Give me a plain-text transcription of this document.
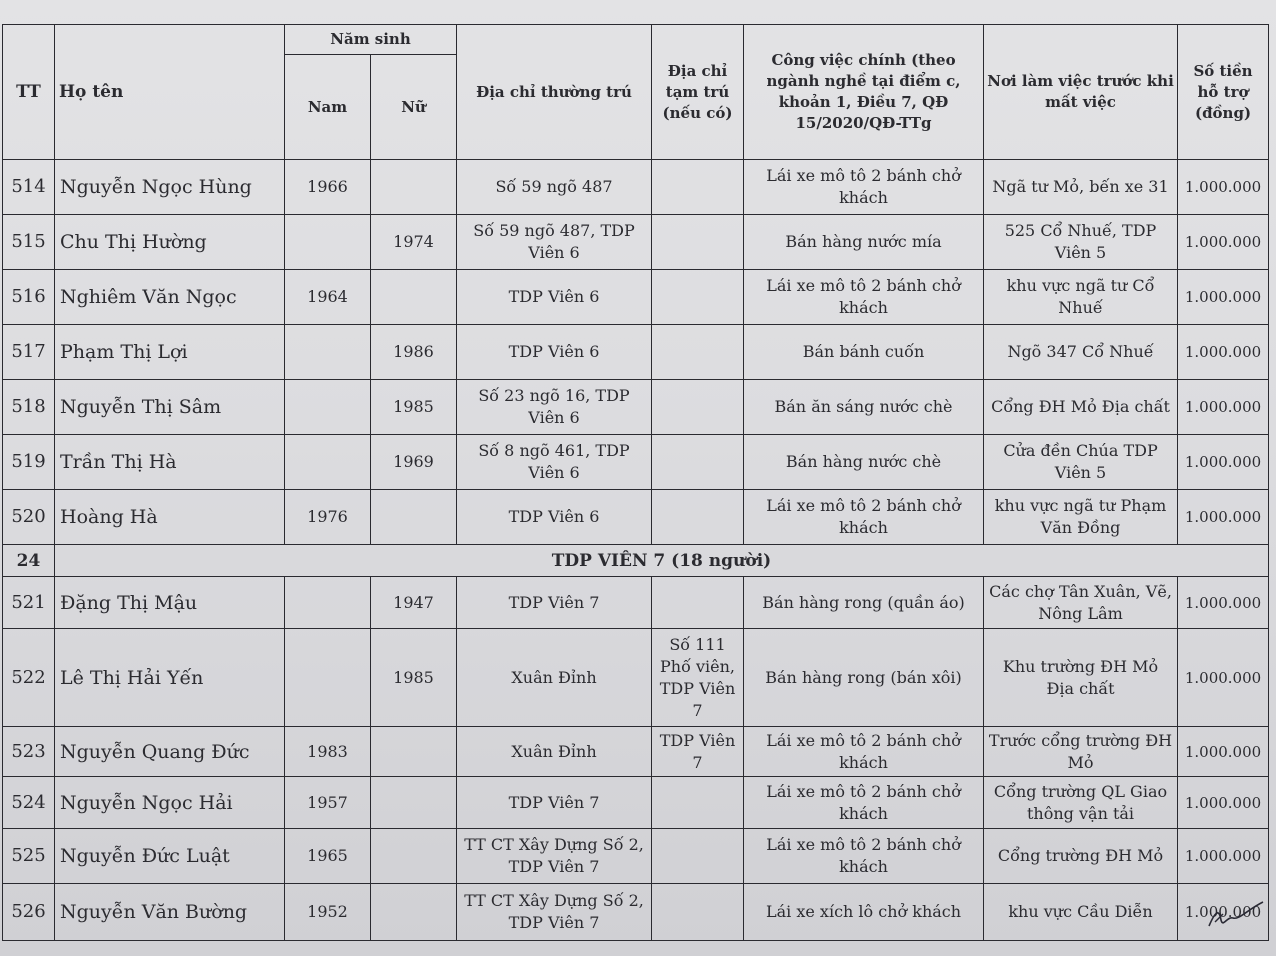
TT	Họ tên	Năm sinh		Địa chỉ thường trú	Địa chỉ tạm trú (nếu có)	Công việc chính (theo ngành nghề tại điểm c, khoản 1, Điều 7, QĐ 15/2020/QĐ-TTg	Nơi làm việc trước khi mất việc	Số tiền hỗ trợ (đồng)
		Nam	Nữ					
514	Nguyễn Ngọc Hùng	1966		Số 59 ngõ 487		Lái xe mô tô 2 bánh chở khách	Ngã tư Mỏ, bến xe 31	1.000.000
515	Chu Thị Hường		1974	Số 59 ngõ 487, TDP Viên 6		Bán hàng nước mía	525 Cổ Nhuế, TDP Viên 5	1.000.000
516	Nghiêm Văn Ngọc	1964		TDP Viên 6		Lái xe mô tô 2 bánh chở khách	khu vực ngã tư Cổ Nhuế	1.000.000
517	Phạm Thị Lợi		1986	TDP Viên 6		Bán bánh cuốn	Ngõ 347 Cổ Nhuế	1.000.000
518	Nguyễn Thị Sâm		1985	Số 23 ngõ 16, TDP Viên 6		Bán ăn sáng nước chè	Cổng ĐH Mỏ Địa chất	1.000.000
519	Trần Thị Hà		1969	Số 8 ngõ 461, TDP Viên 6		Bán hàng nước chè	Cửa đền Chúa TDP Viên 5	1.000.000
520	Hoàng Hà	1976		TDP Viên 6		Lái xe mô tô 2 bánh chở khách	khu vực ngã tư Phạm Văn Đồng	1.000.000
24	TDP VIÊN 7 (18 người)							
521	Đặng Thị Mậu		1947	TDP Viên 7		Bán hàng rong (quần áo)	Các chợ Tân Xuân, Vẽ, Nông Lâm	1.000.000
522	Lê Thị Hải Yến		1985	Xuân Đỉnh	Số 111 Phố viên, TDP Viên 7	Bán hàng rong (bán xôi)	Khu trường ĐH Mỏ Địa chất	1.000.000
523	Nguyễn Quang Đức	1983		Xuân Đỉnh	TDP Viên 7	Lái xe mô tô 2 bánh chở khách	Trước cổng trường ĐH Mỏ	1.000.000
524	Nguyễn Ngọc Hải	1957		TDP Viên 7		Lái xe mô tô 2 bánh chở khách	Cổng trường QL Giao thông vận tải	1.000.000
525	Nguyễn Đức Luật	1965		TT CT Xây Dựng Số 2, TDP Viên 7		Lái xe mô tô 2 bánh chở khách	Cổng trường ĐH Mỏ	1.000.000
526	Nguyễn Văn Bường	1952		TT CT Xây Dựng Số 2, TDP Viên 7		Lái xe xích lô chở khách	khu vực Cầu Diễn	1.000.000
